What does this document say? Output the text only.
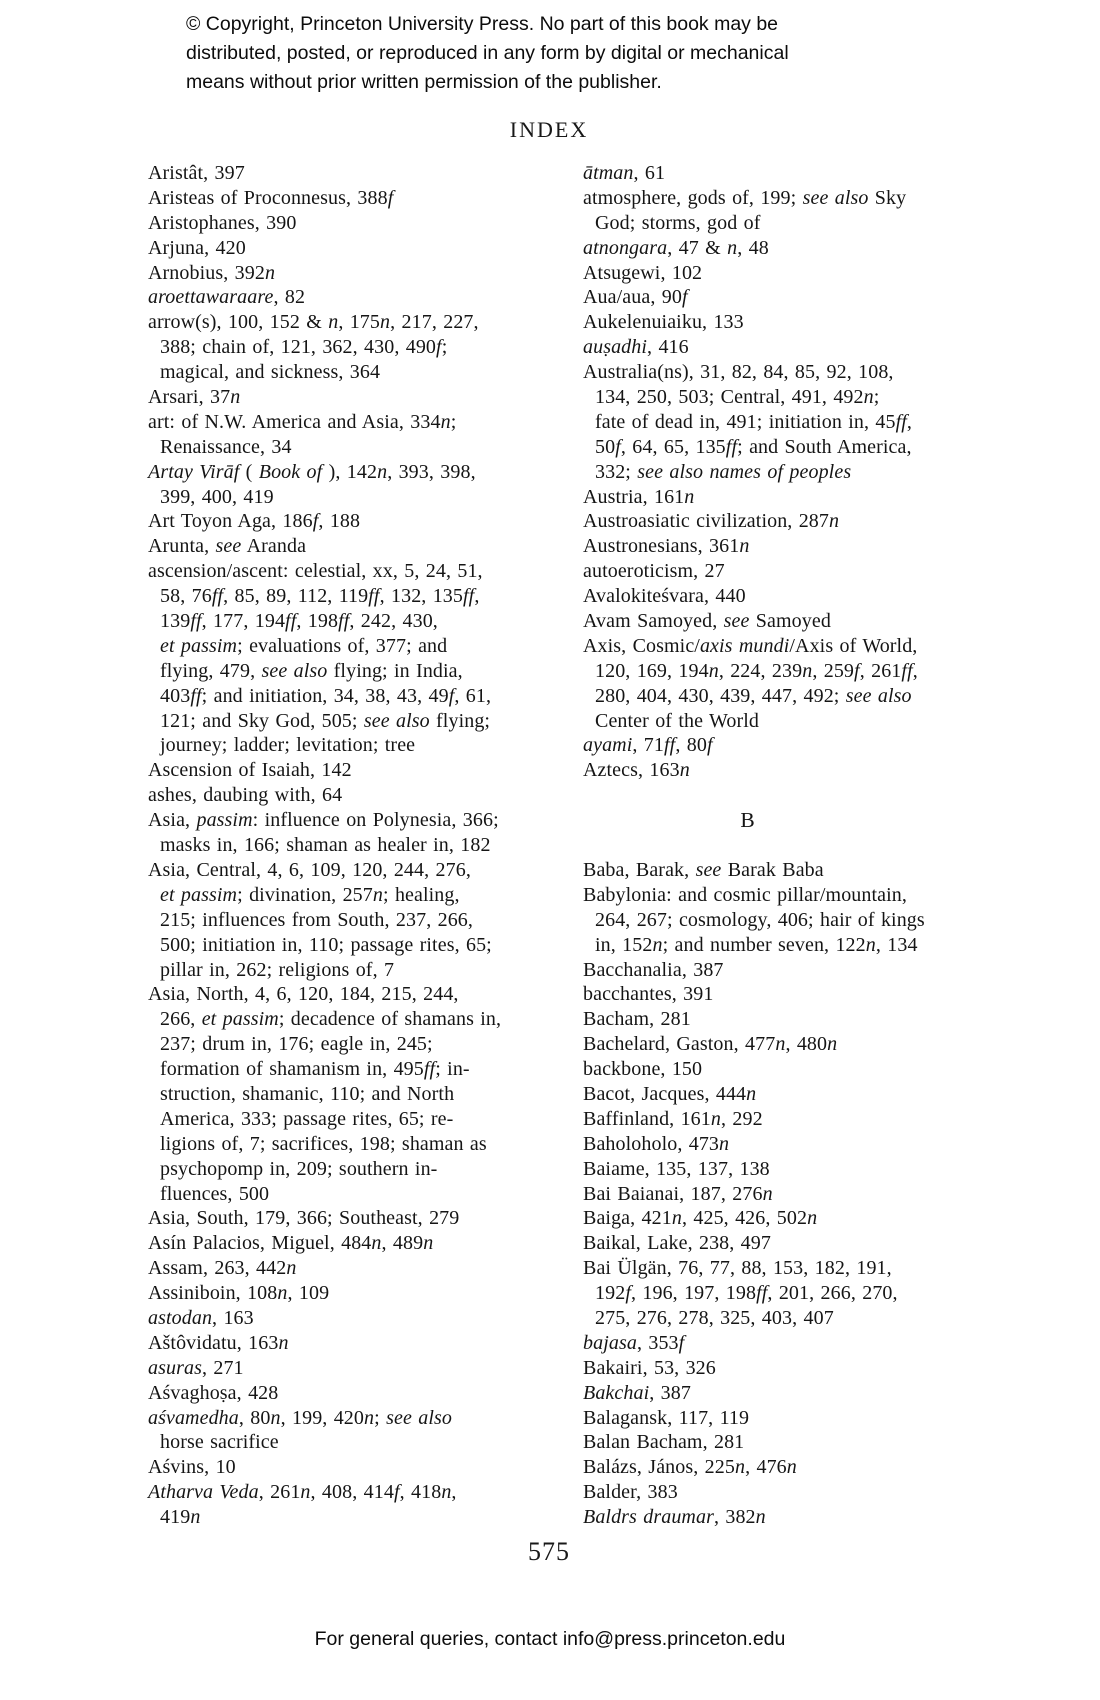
© Copyright, Princeton University Press. No part of this book may be
distributed, posted, or reproduced in any form by digital or mechanical
means without prior written permission of the publisher.
INDEX
Aristât, 397
Aristeas of Proconnesus, 388f
Aristophanes, 390
Arjuna, 420
Arnobius, 392n
aroettawaraare, 82
arrow(s), 100, 152 & n, 175n, 217, 227,
388; chain of, 121, 362, 430, 490f;
magical, and sickness, 364
Arsari, 37n
art: of N.W. America and Asia, 334n;
Renaissance, 34
Artay Virāf ( Book of ), 142n, 393, 398,
399, 400, 419
Art Toyon Aga, 186f, 188
Arunta, see Aranda
ascension/ascent: celestial, xx, 5, 24, 51,
58, 76ff, 85, 89, 112, 119ff, 132, 135ff,
139ff, 177, 194ff, 198ff, 242, 430,
et passim; evaluations of, 377; and
flying, 479, see also flying; in India,
403ff; and initiation, 34, 38, 43, 49f, 61,
121; and Sky God, 505; see also flying;
journey; ladder; levitation; tree
Ascension of Isaiah, 142
ashes, daubing with, 64
Asia, passim: influence on Polynesia, 366;
masks in, 166; shaman as healer in, 182
Asia, Central, 4, 6, 109, 120, 244, 276,
et passim; divination, 257n; healing,
215; influences from South, 237, 266,
500; initiation in, 110; passage rites, 65;
pillar in, 262; religions of, 7
Asia, North, 4, 6, 120, 184, 215, 244,
266, et passim; decadence of shamans in,
237; drum in, 176; eagle in, 245;
formation of shamanism in, 495ff; in-
struction, shamanic, 110; and North
America, 333; passage rites, 65; re-
ligions of, 7; sacrifices, 198; shaman as
psychopomp in, 209; southern in-
fluences, 500
Asia, South, 179, 366; Southeast, 279
Asín Palacios, Miguel, 484n, 489n
Assam, 263, 442n
Assiniboin, 108n, 109
astodan, 163
Aštôvidatu, 163n
asuras, 271
Aśvaghoṣa, 428
aśvamedha, 80n, 199, 420n; see also
horse sacrifice
Aśvins, 10
Atharva Veda, 261n, 408, 414f, 418n,
419n
ātman, 61
atmosphere, gods of, 199; see also Sky
God; storms, god of
atnongara, 47 & n, 48
Atsugewi, 102
Aua/aua, 90f
Aukelenuiaiku, 133
auṣadhi, 416
Australia(ns), 31, 82, 84, 85, 92, 108,
134, 250, 503; Central, 491, 492n;
fate of dead in, 491; initiation in, 45ff,
50f, 64, 65, 135ff; and South America,
332; see also names of peoples
Austria, 161n
Austroasiatic civilization, 287n
Austronesians, 361n
autoeroticism, 27
Avalokiteśvara, 440
Avam Samoyed, see Samoyed
Axis, Cosmic/axis mundi/Axis of World,
120, 169, 194n, 224, 239n, 259f, 261ff,
280, 404, 430, 439, 447, 492; see also
Center of the World
ayami, 71ff, 80f
Aztecs, 163n

B

Baba, Barak, see Barak Baba
Babylonia: and cosmic pillar/mountain,
264, 267; cosmology, 406; hair of kings
in, 152n; and number seven, 122n, 134
Bacchanalia, 387
bacchantes, 391
Bacham, 281
Bachelard, Gaston, 477n, 480n
backbone, 150
Bacot, Jacques, 444n
Baffinland, 161n, 292
Baholoholo, 473n
Baiame, 135, 137, 138
Bai Baianai, 187, 276n
Baiga, 421n, 425, 426, 502n
Baikal, Lake, 238, 497
Bai Ülgän, 76, 77, 88, 153, 182, 191,
192f, 196, 197, 198ff, 201, 266, 270,
275, 276, 278, 325, 403, 407
bajasa, 353f
Bakairi, 53, 326
Bakchai, 387
Balagansk, 117, 119
Balan Bacham, 281
Balázs, János, 225n, 476n
Balder, 383
Baldrs draumar, 382n
575
For general queries, contact info@press.princeton.edu
